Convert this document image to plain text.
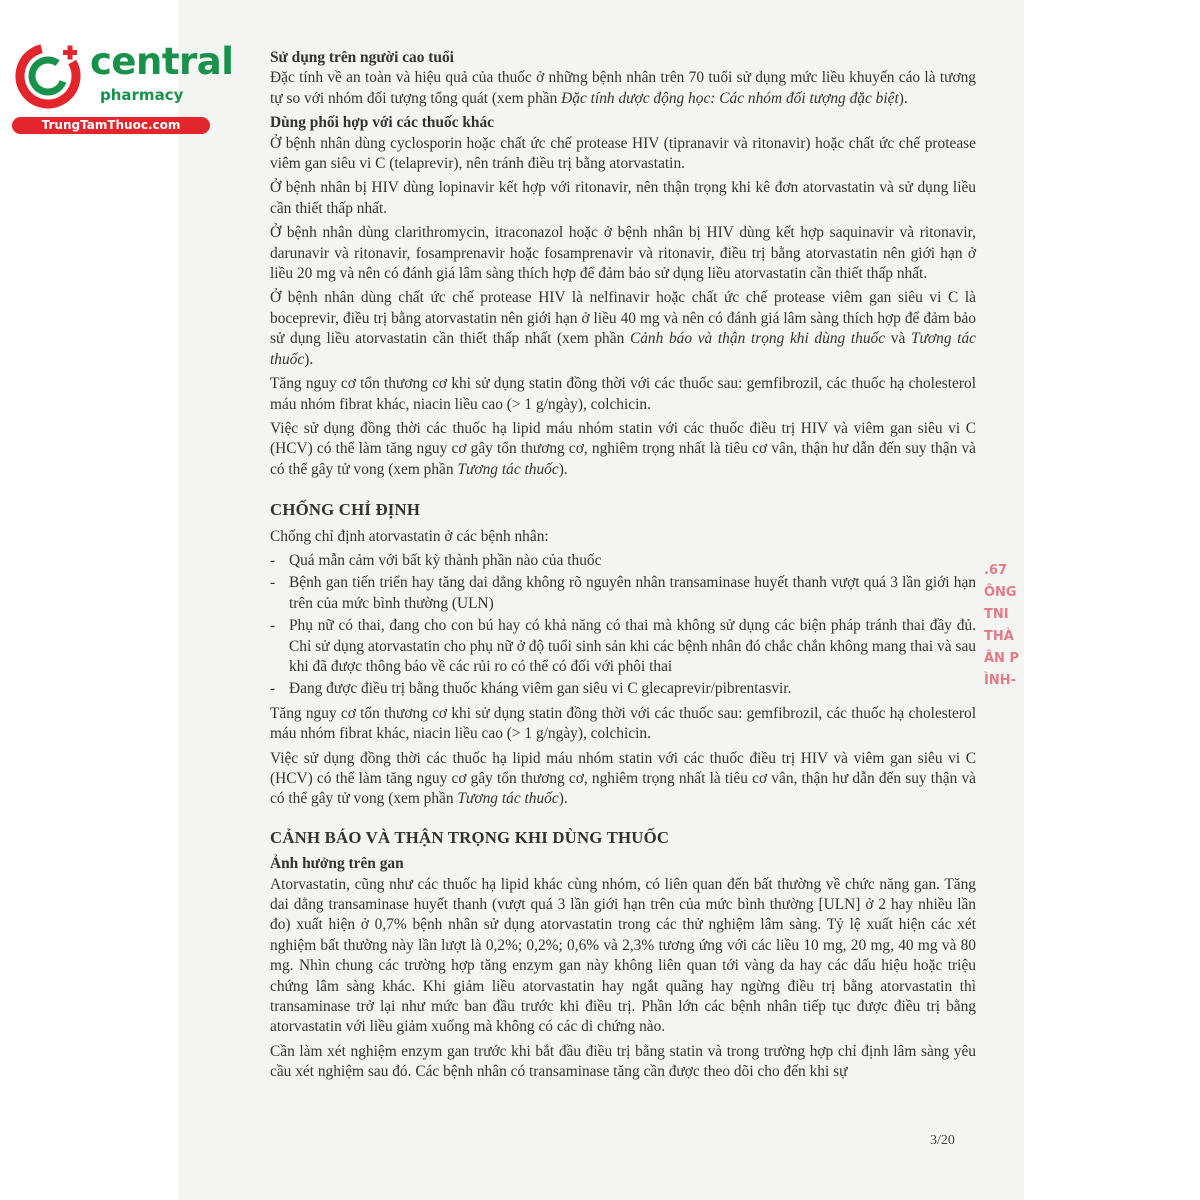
central
pharmacy
TrungTamThuoc.com
.67
ÔNG
TNI
THÀ
ÂN P
ÌNH-

Sử dụng trên người cao tuổi

Đặc tính về an toàn và hiệu quả của thuốc ở những bệnh nhân trên 70 tuổi sử dụng mức liều khuyến cáo là tương tự so với nhóm đối tượng tổng quát (xem phần Đặc tính dược động học: Các nhóm đối tượng đặc biệt).

Dùng phối hợp với các thuốc khác

Ở bệnh nhân dùng cyclosporin hoặc chất ức chế protease HIV (tipranavir và ritonavir) hoặc chất ức chế protease viêm gan siêu vi C (telaprevir), nên tránh điều trị bằng atorvastatin.

Ở bệnh nhân bị HIV dùng lopinavir kết hợp với ritonavir, nên thận trọng khi kê đơn atorvastatin và sử dụng liều cần thiết thấp nhất.

Ở bệnh nhân dùng clarithromycin, itraconazol hoặc ở bệnh nhân bị HIV dùng kết hợp saquinavir và ritonavir, darunavir và ritonavir, fosamprenavir hoặc fosamprenavir và ritonavir, điều trị bằng atorvastatin nên giới hạn ở liều 20 mg và nên có đánh giá lâm sàng thích hợp để đảm bảo sử dụng liều atorvastatin cần thiết thấp nhất.

Ở bệnh nhân dùng chất ức chế protease HIV là nelfinavir hoặc chất ức chế protease viêm gan siêu vi C là boceprevir, điều trị bằng atorvastatin nên giới hạn ở liều 40 mg và nên có đánh giá lâm sàng thích hợp để đảm bảo sử dụng liều atorvastatin cần thiết thấp nhất (xem phần Cảnh báo và thận trọng khi dùng thuốc và Tương tác thuốc).

Tăng nguy cơ tổn thương cơ khi sử dụng statin đồng thời với các thuốc sau: gemfibrozil, các thuốc hạ cholesterol máu nhóm fibrat khác, niacin liều cao (> 1 g/ngày), colchicin.

Việc sử dụng đồng thời các thuốc hạ lipid máu nhóm statin với các thuốc điều trị HIV và viêm gan siêu vi C (HCV) có thể làm tăng nguy cơ gây tổn thương cơ, nghiêm trọng nhất là tiêu cơ vân, thận hư dẫn đến suy thận và có thể gây tử vong (xem phần Tương tác thuốc).

CHỐNG CHỈ ĐỊNH

Chống chỉ định atorvastatin ở các bệnh nhân:

- Quá mẫn cảm với bất kỳ thành phần nào của thuốc
- Bệnh gan tiến triển hay tăng dai dẳng không rõ nguyên nhân transaminase huyết thanh vượt quá 3 lần giới hạn trên của mức bình thường (ULN)
- Phụ nữ có thai, đang cho con bú hay có khả năng có thai mà không sử dụng các biện pháp tránh thai đầy đủ. Chỉ sử dụng atorvastatin cho phụ nữ ở độ tuổi sinh sản khi các bệnh nhân đó chắc chắn không mang thai và sau khi đã được thông báo về các rủi ro có thể có đối với phôi thai
- Đang được điều trị bằng thuốc kháng viêm gan siêu vi C glecaprevir/pibrentasvir.

Tăng nguy cơ tổn thương cơ khi sử dụng statin đồng thời với các thuốc sau: gemfibrozil, các thuốc hạ cholesterol máu nhóm fibrat khác, niacin liều cao (> 1 g/ngày), colchicin.

Việc sử dụng đồng thời các thuốc hạ lipid máu nhóm statin với các thuốc điều trị HIV và viêm gan siêu vi C (HCV) có thể làm tăng nguy cơ gây tổn thương cơ, nghiêm trọng nhất là tiêu cơ vân, thận hư dẫn đến suy thận và có thể gây tử vong (xem phần Tương tác thuốc).

CẢNH BÁO VÀ THẬN TRỌNG KHI DÙNG THUỐC

Ảnh hưởng trên gan

Atorvastatin, cũng như các thuốc hạ lipid khác cùng nhóm, có liên quan đến bất thường về chức năng gan. Tăng dai dẳng transaminase huyết thanh (vượt quá 3 lần giới hạn trên của mức bình thường [ULN] ở 2 hay nhiều lần đo) xuất hiện ở 0,7% bệnh nhân sử dụng atorvastatin trong các thử nghiệm lâm sàng. Tỷ lệ xuất hiện các xét nghiệm bất thường này lần lượt là 0,2%; 0,2%; 0,6% và 2,3% tương ứng với các liều 10 mg, 20 mg, 40 mg và 80 mg. Nhìn chung các trường hợp tăng enzym gan này không liên quan tới vàng da hay các dấu hiệu hoặc triệu chứng lâm sàng khác. Khi giảm liều atorvastatin hay ngắt quãng hay ngừng điều trị bằng atorvastatin thì transaminase trở lại như mức ban đầu trước khi điều trị. Phần lớn các bệnh nhân tiếp tục được điều trị bằng atorvastatin với liều giảm xuống mà không có các di chứng nào.

Cần làm xét nghiệm enzym gan trước khi bắt đầu điều trị bằng statin và trong trường hợp chỉ định lâm sàng yêu cầu xét nghiệm sau đó. Các bệnh nhân có transaminase tăng cần được theo dõi cho đến khi sự

3/20
